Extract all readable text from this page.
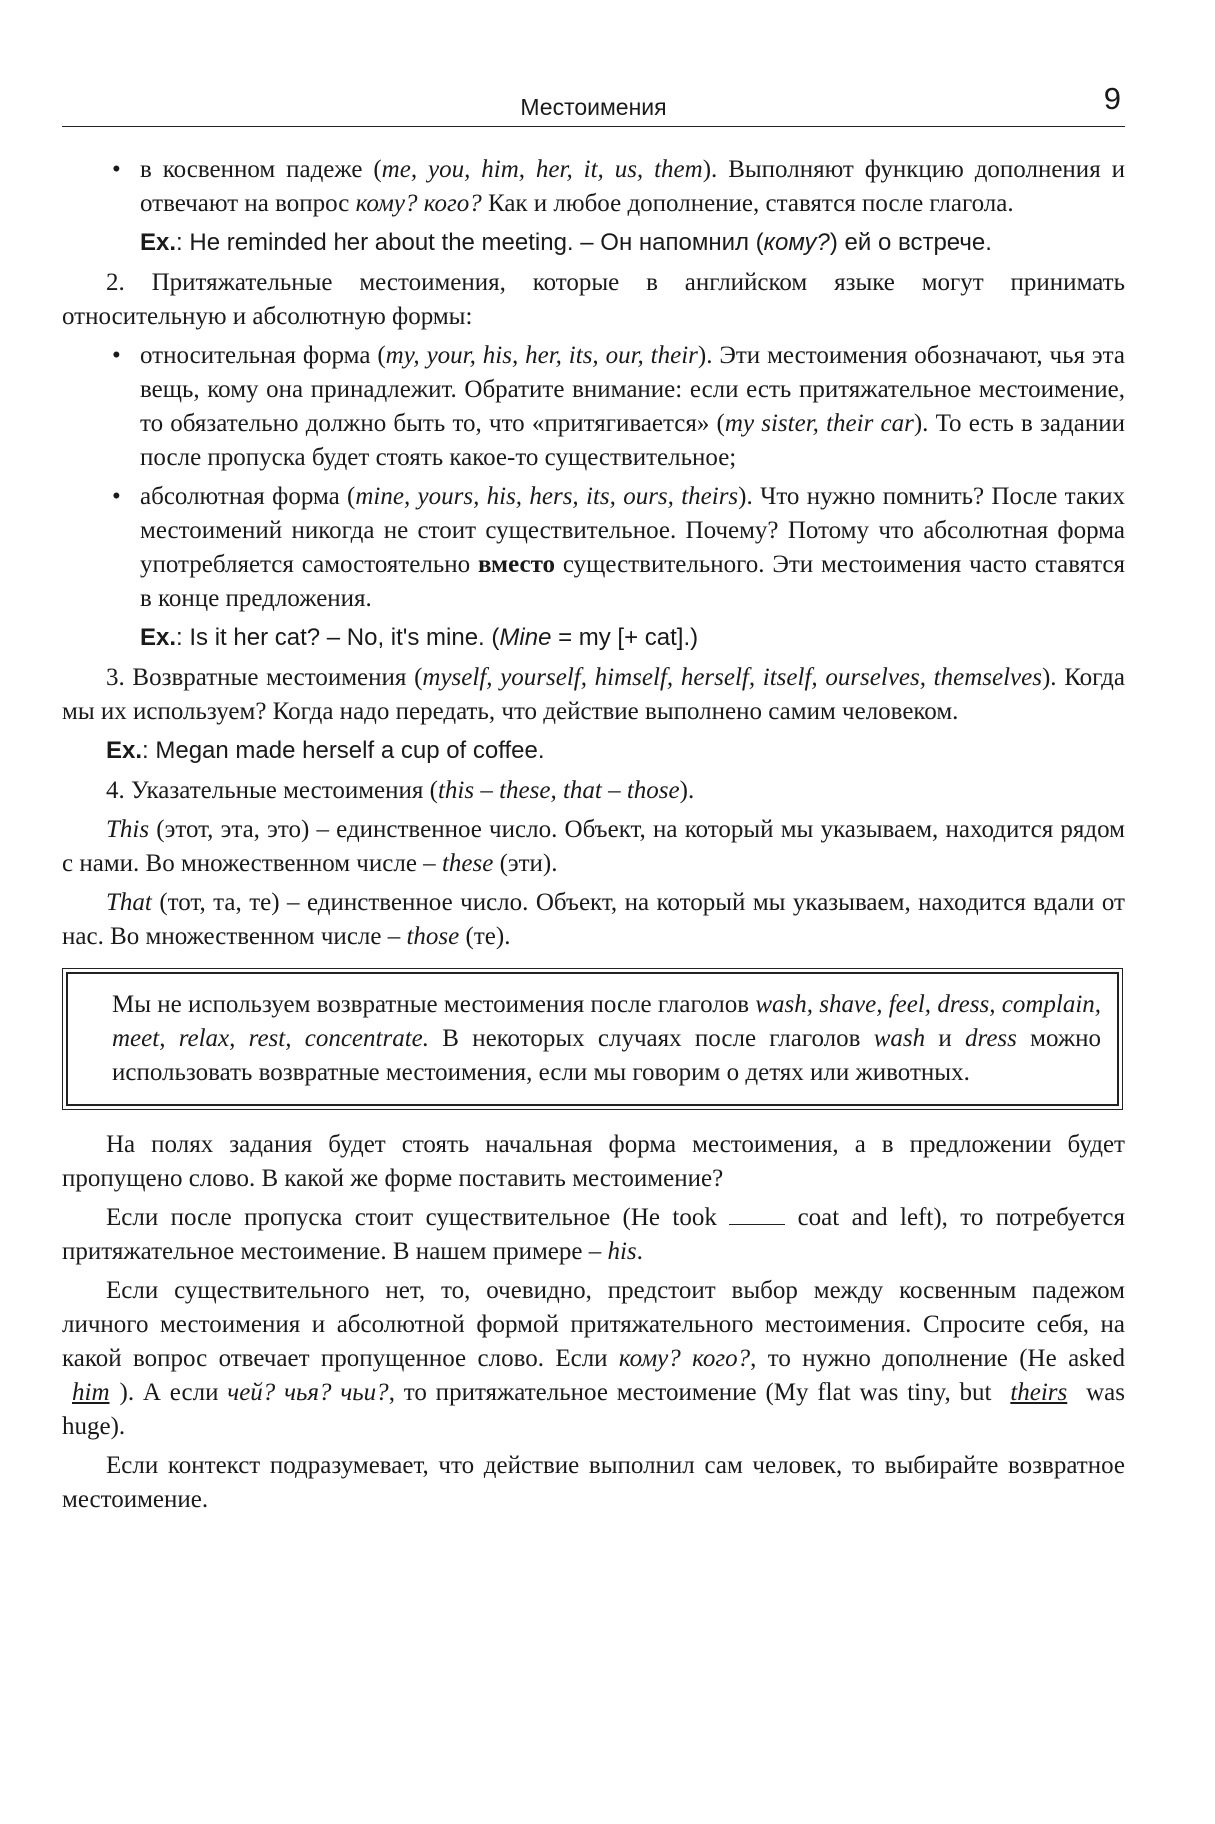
Местоимения	9

• в косвенном падеже (me, you, him, her, it, us, them). Выполняют функцию дополнения и отвечают на вопрос кому? кого? Как и любое дополнение, ставятся после глагола.

Ex.: He reminded her about the meeting. – Он напомнил (кому?) ей о встрече.

2. Притяжательные местоимения, которые в английском языке могут принимать относительную и абсолютную формы:

• относительная форма (my, your, his, her, its, our, their). Эти местоимения обозначают, чья эта вещь, кому она принадлежит. Обратите внимание: если есть притяжательное местоимение, то обязательно должно быть то, что «притягивается» (my sister, their car). То есть в задании после пропуска будет стоять какое-то существительное;

• абсолютная форма (mine, yours, his, hers, its, ours, theirs). Что нужно помнить? После таких местоимений никогда не стоит существительное. Почему? Потому что абсолютная форма употребляется самостоятельно вместо существительного. Эти местоимения часто ставятся в конце предложения.

Ex.: Is it her cat? – No, it's mine. (Mine = my [+ cat].)

3. Возвратные местоимения (myself, yourself, himself, herself, itself, ourselves, themselves). Когда мы их используем? Когда надо передать, что действие выполнено самим человеком.

Ex.: Megan made herself a cup of coffee.

4. Указательные местоимения (this – these, that – those).

This (этот, эта, это) – единственное число. Объект, на который мы указываем, находится рядом с нами. Во множественном числе – these (эти).

That (тот, та, те) – единственное число. Объект, на который мы указываем, находится вдали от нас. Во множественном числе – those (те).

Мы не используем возвратные местоимения после глаголов wash, shave, feel, dress, complain, meet, relax, rest, concentrate. В некоторых случаях после глаголов wash и dress можно использовать возвратные местоимения, если мы говорим о детях или животных.

На полях задания будет стоять начальная форма местоимения, а в предложении будет пропущено слово. В какой же форме поставить местоимение?

Если после пропуска стоит существительное (He took  coat and left), то потребуется притяжательное местоимение. В нашем примере – his.

Если существительного нет, то, очевидно, предстоит выбор между косвенным падежом личного местоимения и абсолютной формой притяжательного местоимения. Спросите себя, на какой вопрос отвечает пропущенное слово. Если кому? кого?, то нужно дополнение (He asked him ). А если чей? чья? чьи?, то притяжательное местоимение (My flat was tiny, but theirs was huge).

Если контекст подразумевает, что действие выполнил сам человек, то выбирайте возвратное местоимение.
